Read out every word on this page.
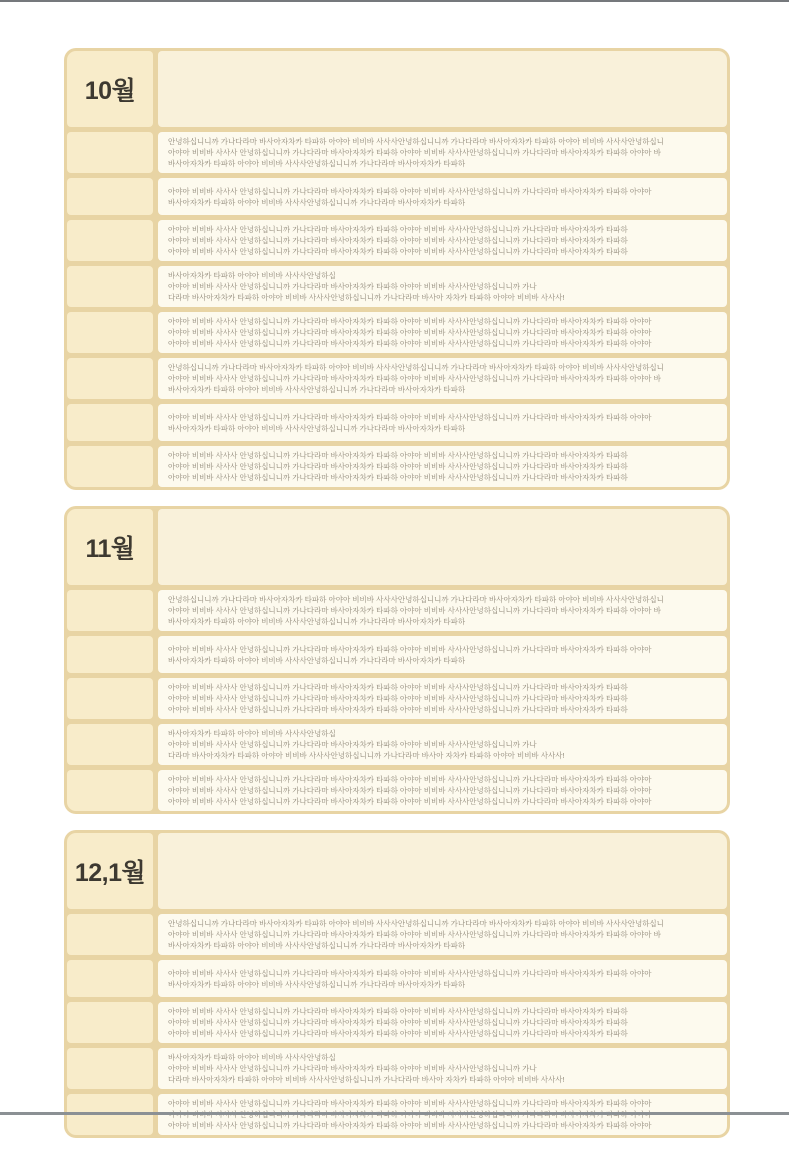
10월
안녕하십니니까 가나다라마 바사아자차카 타파하 아야아 비비바 사사사안녕하십니니까 가나다라마 바사아자차카 타파하 아야아 비비바 사사사안녕하십니
아야아 비비바 사사사 안녕하십니니까 가나다라마 바사아자차카 타파하 아야아 비비바 사사사안녕하십니니까 가나다라마 바사아자차카 타파하 아야아 바
바사아자차카 타파하 아야아 비비바 사사사안녕하십니니까 가나다라마 바사아자차카 타파하
아야아 비비바 사사사 안녕하십니니까 가나다라마 바사아자차카 타파하 아야아 비비바 사사사안녕하십니니까 가나다라마 바사아자차카 타파하 아야아
바사아자차카 타파하 아야아 비비바 사사사안녕하십니니까 가나다라마 바사아자차카 타파하
아야아 비비바 사사사 안녕하십니니까 가나다라마 바사아자차카 타파하 아야아 비비바 사사사안녕하십니니까 가나다라마 바사아자차카 타파하
아야아 비비바 사사사 안녕하십니니까 가나다라마 바사아자차카 타파하 아야아 비비바 사사사안녕하십니니까 가나다라마 바사아자차카 타파하
아야아 비비바 사사사 안녕하십니니까 가나다라마 바사아자차카 타파하 아야아 비비바 사사사안녕하십니니까 가나다라마 바사아자차카 타파하
바사아자차카 타파하 아야아 비비바 사사사안녕하십
아야아 비비바 사사사 안녕하십니니까 가나다라마 바사아자차카 타파하 아야아 비비바 사사사안녕하십니니까 가나
다라마 바사아자차카 타파하 아야아 비비바 사사사안녕하십니니까 가나다라마 바사아 자차카 타파하 아야아 비비바 사사사!
아야아 비비바 사사사 안녕하십니니까 가나다라마 바사아자차카 타파하 아야아 비비바 사사사안녕하십니니까 가나다라마 바사아자차카 타파하 아야아
아야아 비비바 사사사 안녕하십니니까 가나다라마 바사아자차카 타파하 아야아 비비바 사사사안녕하십니니까 가나다라마 바사아자차카 타파하 아야아
아야아 비비바 사사사 안녕하십니니까 가나다라마 바사아자차카 타파하 아야아 비비바 사사사안녕하십니니까 가나다라마 바사아자차카 타파하 아야아
안녕하십니니까 가나다라마 바사아자차카 타파하 아야아 비비바 사사사안녕하십니니까 가나다라마 바사아자차카 타파하 아야아 비비바 사사사안녕하십니
아야아 비비바 사사사 안녕하십니니까 가나다라마 바사아자차카 타파하 아야아 비비바 사사사안녕하십니니까 가나다라마 바사아자차카 타파하 아야아 바
바사아자차카 타파하 아야아 비비바 사사사안녕하십니니까 가나다라마 바사아자차카 타파하
아야아 비비바 사사사 안녕하십니니까 가나다라마 바사아자차카 타파하 아야아 비비바 사사사안녕하십니니까 가나다라마 바사아자차카 타파하 아야아
바사아자차카 타파하 아야아 비비바 사사사안녕하십니니까 가나다라마 바사아자차카 타파하
아야아 비비바 사사사 안녕하십니니까 가나다라마 바사아자차카 타파하 아야아 비비바 사사사안녕하십니니까 가나다라마 바사아자차카 타파하
아야아 비비바 사사사 안녕하십니니까 가나다라마 바사아자차카 타파하 아야아 비비바 사사사안녕하십니니까 가나다라마 바사아자차카 타파하
아야아 비비바 사사사 안녕하십니니까 가나다라마 바사아자차카 타파하 아야아 비비바 사사사안녕하십니니까 가나다라마 바사아자차카 타파하
11월
안녕하십니니까 가나다라마 바사아자차카 타파하 아야아 비비바 사사사안녕하십니니까 가나다라마 바사아자차카 타파하 아야아 비비바 사사사안녕하십니
아야아 비비바 사사사 안녕하십니니까 가나다라마 바사아자차카 타파하 아야아 비비바 사사사안녕하십니니까 가나다라마 바사아자차카 타파하 아야아 바
바사아자차카 타파하 아야아 비비바 사사사안녕하십니니까 가나다라마 바사아자차카 타파하
아야아 비비바 사사사 안녕하십니니까 가나다라마 바사아자차카 타파하 아야아 비비바 사사사안녕하십니니까 가나다라마 바사아자차카 타파하 아야아
바사아자차카 타파하 아야아 비비바 사사사안녕하십니니까 가나다라마 바사아자차카 타파하
아야아 비비바 사사사 안녕하십니니까 가나다라마 바사아자차카 타파하 아야아 비비바 사사사안녕하십니니까 가나다라마 바사아자차카 타파하
아야아 비비바 사사사 안녕하십니니까 가나다라마 바사아자차카 타파하 아야아 비비바 사사사안녕하십니니까 가나다라마 바사아자차카 타파하
아야아 비비바 사사사 안녕하십니니까 가나다라마 바사아자차카 타파하 아야아 비비바 사사사안녕하십니니까 가나다라마 바사아자차카 타파하
바사아자차카 타파하 아야아 비비바 사사사안녕하십
아야아 비비바 사사사 안녕하십니니까 가나다라마 바사아자차카 타파하 아야아 비비바 사사사안녕하십니니까 가나
다라마 바사아자차카 타파하 아야아 비비바 사사사안녕하십니니까 가나다라마 바사아 자차카 타파하 아야아 비비바 사사사!
아야아 비비바 사사사 안녕하십니니까 가나다라마 바사아자차카 타파하 아야아 비비바 사사사안녕하십니니까 가나다라마 바사아자차카 타파하 아야아
아야아 비비바 사사사 안녕하십니니까 가나다라마 바사아자차카 타파하 아야아 비비바 사사사안녕하십니니까 가나다라마 바사아자차카 타파하 아야아
아야아 비비바 사사사 안녕하십니니까 가나다라마 바사아자차카 타파하 아야아 비비바 사사사안녕하십니니까 가나다라마 바사아자차카 타파하 아야아
12,1월
안녕하십니니까 가나다라마 바사아자차카 타파하 아야아 비비바 사사사안녕하십니니까 가나다라마 바사아자차카 타파하 아야아 비비바 사사사안녕하십니
아야아 비비바 사사사 안녕하십니니까 가나다라마 바사아자차카 타파하 아야아 비비바 사사사안녕하십니니까 가나다라마 바사아자차카 타파하 아야아 바
바사아자차카 타파하 아야아 비비바 사사사안녕하십니니까 가나다라마 바사아자차카 타파하
아야아 비비바 사사사 안녕하십니니까 가나다라마 바사아자차카 타파하 아야아 비비바 사사사안녕하십니니까 가나다라마 바사아자차카 타파하 아야아
바사아자차카 타파하 아야아 비비바 사사사안녕하십니니까 가나다라마 바사아자차카 타파하
아야아 비비바 사사사 안녕하십니니까 가나다라마 바사아자차카 타파하 아야아 비비바 사사사안녕하십니니까 가나다라마 바사아자차카 타파하
아야아 비비바 사사사 안녕하십니니까 가나다라마 바사아자차카 타파하 아야아 비비바 사사사안녕하십니니까 가나다라마 바사아자차카 타파하
아야아 비비바 사사사 안녕하십니니까 가나다라마 바사아자차카 타파하 아야아 비비바 사사사안녕하십니니까 가나다라마 바사아자차카 타파하
바사아자차카 타파하 아야아 비비바 사사사안녕하십
아야아 비비바 사사사 안녕하십니니까 가나다라마 바사아자차카 타파하 아야아 비비바 사사사안녕하십니니까 가나
다라마 바사아자차카 타파하 아야아 비비바 사사사안녕하십니니까 가나다라마 바사아 자차카 타파하 아야아 비비바 사사사!
아야아 비비바 사사사 안녕하십니니까 가나다라마 바사아자차카 타파하 아야아 비비바 사사사안녕하십니니까 가나다라마 바사아자차카 타파하 아야아
아야아 비비바 사사사 안녕하십니니까 가나다라마 바사아자차카 타파하 아야아 비비바 사사사안녕하십니니까 가나다라마 바사아자차카 타파하 아야아
